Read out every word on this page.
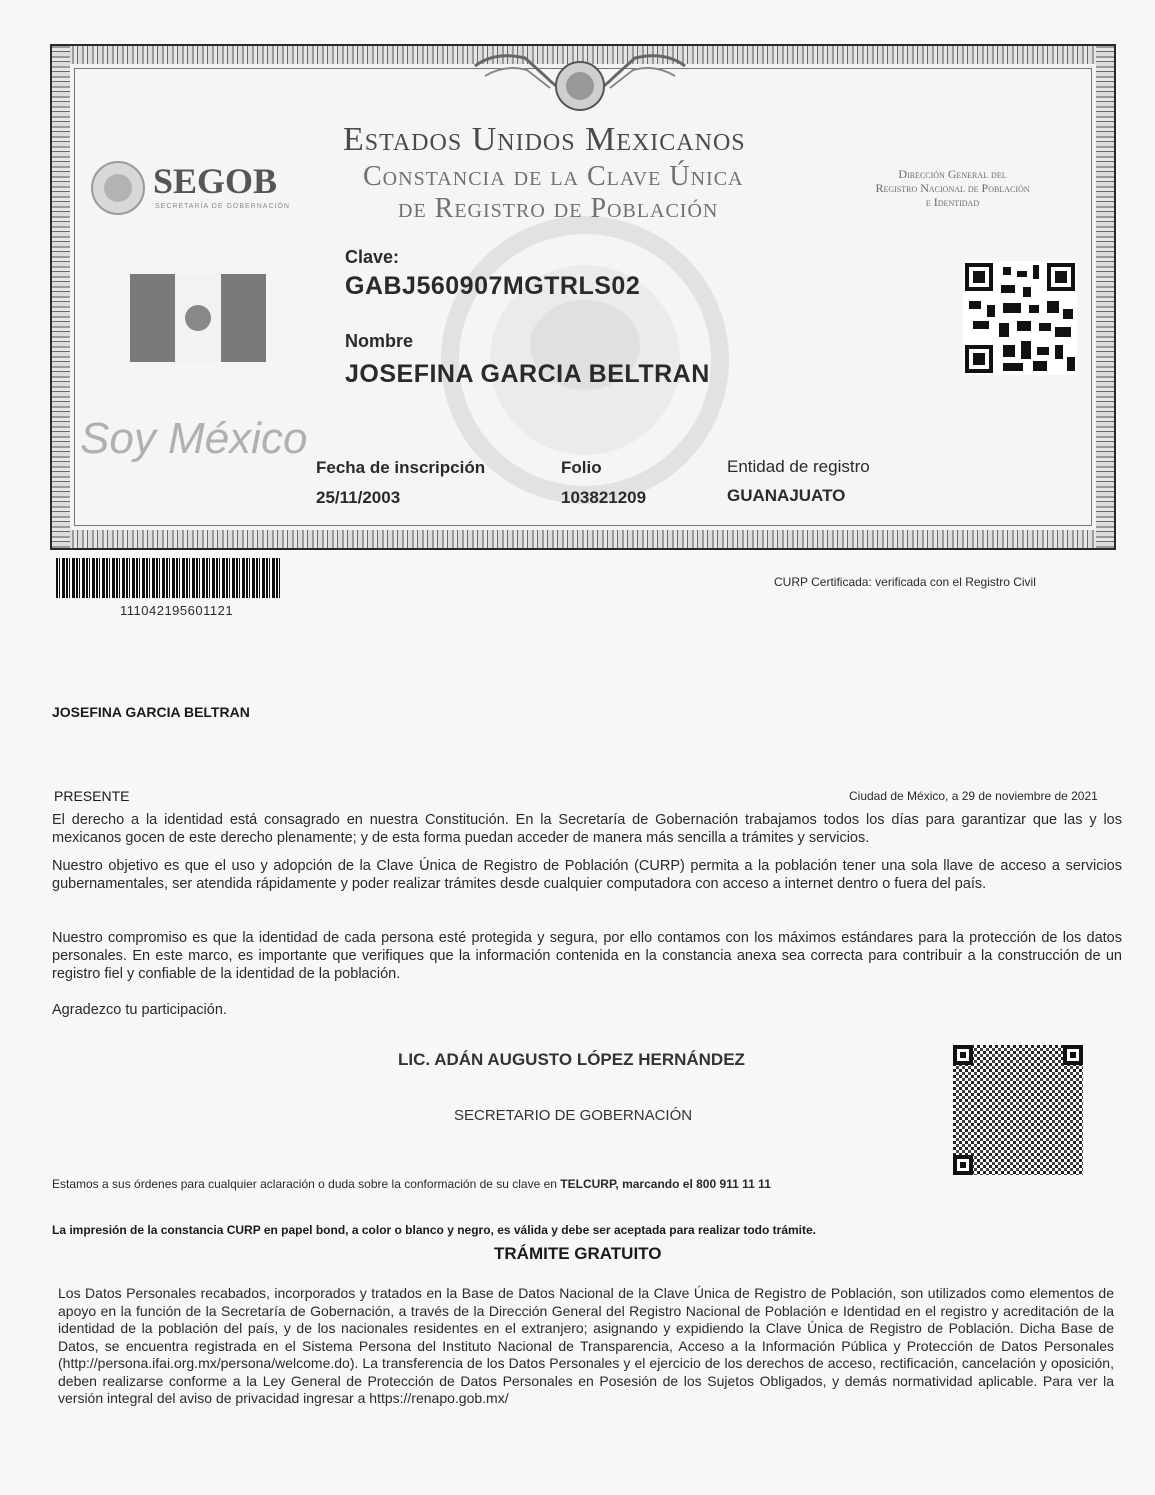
Estados Unidos Mexicanos
Constancia de la Clave Única
de Registro de Población
SEGOB
SECRETARÍA DE GOBERNACIÓN
Dirección General del
Registro Nacional de Población
e Identidad
Clave:
GABJ560907MGTRLS02
Nombre
JOSEFINA GARCIA BELTRAN
Soy México
Fecha de inscripción
25/11/2003
Folio
103821209
Entidad de registro
GUANAJUATO
111042195601121
CURP Certificada: verificada con el Registro Civil
JOSEFINA GARCIA BELTRAN
PRESENTE	Ciudad de México, a 29 de noviembre de 2021
El derecho a la identidad está consagrado en nuestra Constitución. En la Secretaría de Gobernación trabajamos todos los días para garantizar que las y los mexicanos gocen de este derecho plenamente; y de esta forma puedan acceder de manera más sencilla a trámites y servicios.
Nuestro objetivo es que el uso y adopción de la Clave Única de Registro de Población (CURP) permita a la población tener una sola llave de acceso a servicios gubernamentales, ser atendida rápidamente y poder realizar trámites desde cualquier computadora con acceso a internet dentro o fuera del país.
Nuestro compromiso es que la identidad de cada persona esté protegida y segura, por ello contamos con los máximos estándares para la protección de los datos personales. En este marco, es importante que verifiques que la información contenida en la constancia anexa sea correcta para contribuir a la construcción de un registro fiel y confiable de la identidad de la población.
Agradezco tu participación.
LIC. ADÁN AUGUSTO LÓPEZ HERNÁNDEZ
SECRETARIO DE GOBERNACIÓN
Estamos a sus órdenes para cualquier aclaración o duda sobre la conformación de su clave en TELCURP, marcando el 800 911 11 11
La impresión de la constancia CURP en papel bond, a color o blanco y negro, es válida y debe ser aceptada para realizar todo trámite.
TRÁMITE GRATUITO
Los Datos Personales recabados, incorporados y tratados en la Base de Datos Nacional de la Clave Única de Registro de Población, son utilizados como elementos de apoyo en la función de la Secretaría de Gobernación, a través de la Dirección General del Registro Nacional de Población e Identidad en el registro y acreditación de la identidad de la población del país, y de los nacionales residentes en el extranjero; asignando y expidiendo la Clave Única de Registro de Población. Dicha Base de Datos, se encuentra registrada en el Sistema Persona del Instituto Nacional de Transparencia, Acceso a la Información Pública y Protección de Datos Personales (http://persona.ifai.org.mx/persona/welcome.do). La transferencia de los Datos Personales y el ejercicio de los derechos de acceso, rectificación, cancelación y oposición, deben realizarse conforme a la Ley General de Protección de Datos Personales en Posesión de los Sujetos Obligados, y demás normatividad aplicable. Para ver la versión integral del aviso de privacidad ingresar a https://renapo.gob.mx/
